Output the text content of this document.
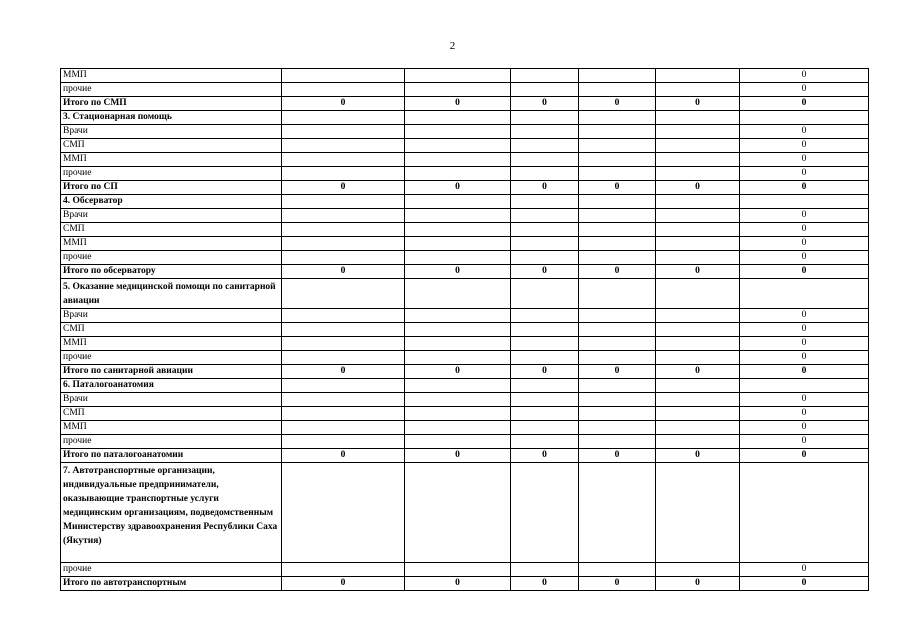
2
ММП						0
прочие						0
Итого по СМП	0	0	0	0	0	0
3. Стационарная помощь						
Врачи						0
СМП						0
ММП						0
прочие						0
Итого по СП	0	0	0	0	0	0
4. Обсерватор						
Врачи						0
СМП						0
ММП						0
прочие						0
Итого по обсерватору	0	0	0	0	0	0
5. Оказание медицинской помощи по санитарной авиации						
Врачи						0
СМП						0
ММП						0
прочие						0
Итого по санитарной авиации	0	0	0	0	0	0
6. Паталогоанатомия						
Врачи						0
СМП						0
ММП						0
прочие						0
Итого по паталогоанатомии	0	0	0	0	0	0
7. Автотранспортные организации, индивидуальные предприниматели, оказывающие транспортные услуги медицинским организациям, подведомственным Министерству здравоохранения Республики Саха (Якутия)						
прочие						0
Итого по автотранспортным	0	0	0	0	0	0
